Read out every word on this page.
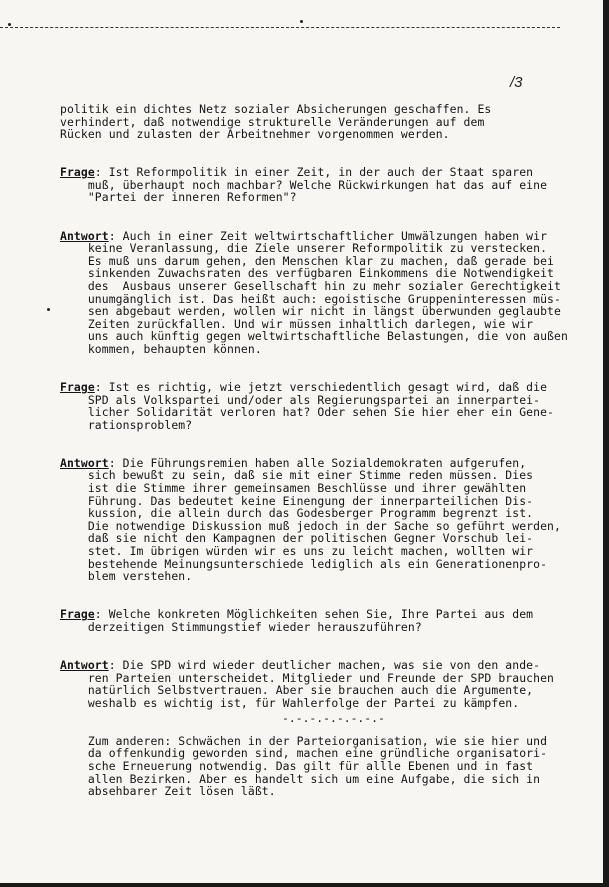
/3
politik ein dichtes Netz sozialer Absicherungen geschaffen. Es
verhindert, daß notwendige strukturelle Veränderungen auf dem
Rücken und zulasten der Arbeitnehmer vorgenommen werden.
Frage: Ist Reformpolitik in einer Zeit, in der auch der Staat sparen
muß, überhaupt noch machbar? Welche Rückwirkungen hat das auf eine
"Partei der inneren Reformen"?
Antwort: Auch in einer Zeit weltwirtschaftlicher Umwälzungen haben wir
keine Veranlassung, die Ziele unserer Reformpolitik zu verstecken.
Es muß uns darum gehen, den Menschen klar zu machen, daß gerade bei
sinkenden Zuwachsraten des verfügbaren Einkommens die Notwendigkeit
des  Ausbaus unserer Gesellschaft hin zu mehr sozialer Gerechtigkeit
unumgänglich ist. Das heißt auch: egoistische Gruppeninteressen müs-
sen abgebaut werden, wollen wir nicht in längst überwunden geglaubte
Zeiten zurückfallen. Und wir müssen inhaltlich darlegen, wie wir
uns auch künftig gegen weltwirtschaftliche Belastungen, die von außen
kommen, behaupten können.
Frage: Ist es richtig, wie jetzt verschiedentlich gesagt wird, daß die
SPD als Volkspartei und/oder als Regierungspartei an innerpartei-
licher Solidarität verloren hat? Oder sehen Sie hier eher ein Gene-
rationsproblem?
Antwort: Die Führungsremien haben alle Sozialdemokraten aufgerufen,
sich bewußt zu sein, daß sie mit einer Stimme reden müssen. Dies
ist die Stimme ihrer gemeinsamen Beschlüsse und ihrer gewählten
Führung. Das bedeutet keine Einengung der innerparteilichen Dis-
kussion, die allein durch das Godesberger Programm begrenzt ist.
Die notwendige Diskussion muß jedoch in der Sache so geführt werden,
daß sie nicht den Kampagnen der politischen Gegner Vorschub lei-
stet. Im übrigen würden wir es uns zu leicht machen, wollten wir
bestehende Meinungsunterschiede lediglich als ein Generationenpro-
blem verstehen.
Frage: Welche konkreten Möglichkeiten sehen Sie, Ihre Partei aus dem
derzeitigen Stimmungstief wieder herauszuführen?
Antwort: Die SPD wird wieder deutlicher machen, was sie von den ande-
ren Parteien unterscheidet. Mitglieder und Freunde der SPD brauchen
natürlich Selbstvertrauen. Aber sie brauchen auch die Argumente,
weshalb es wichtig ist, für Wahlerfolge der Partei zu kämpfen.
Zum anderen: Schwächen in der Parteiorganisation, wie sie hier und
da offenkundig geworden sind, machen eine gründliche organisatori-
sche Erneuerung notwendig. Das gilt für allle Ebenen und in fast
allen Bezirken. Aber es handelt sich um eine Aufgabe, die sich in
absehbarer Zeit lösen läßt.
-.-.-.-.-.-.-.-
